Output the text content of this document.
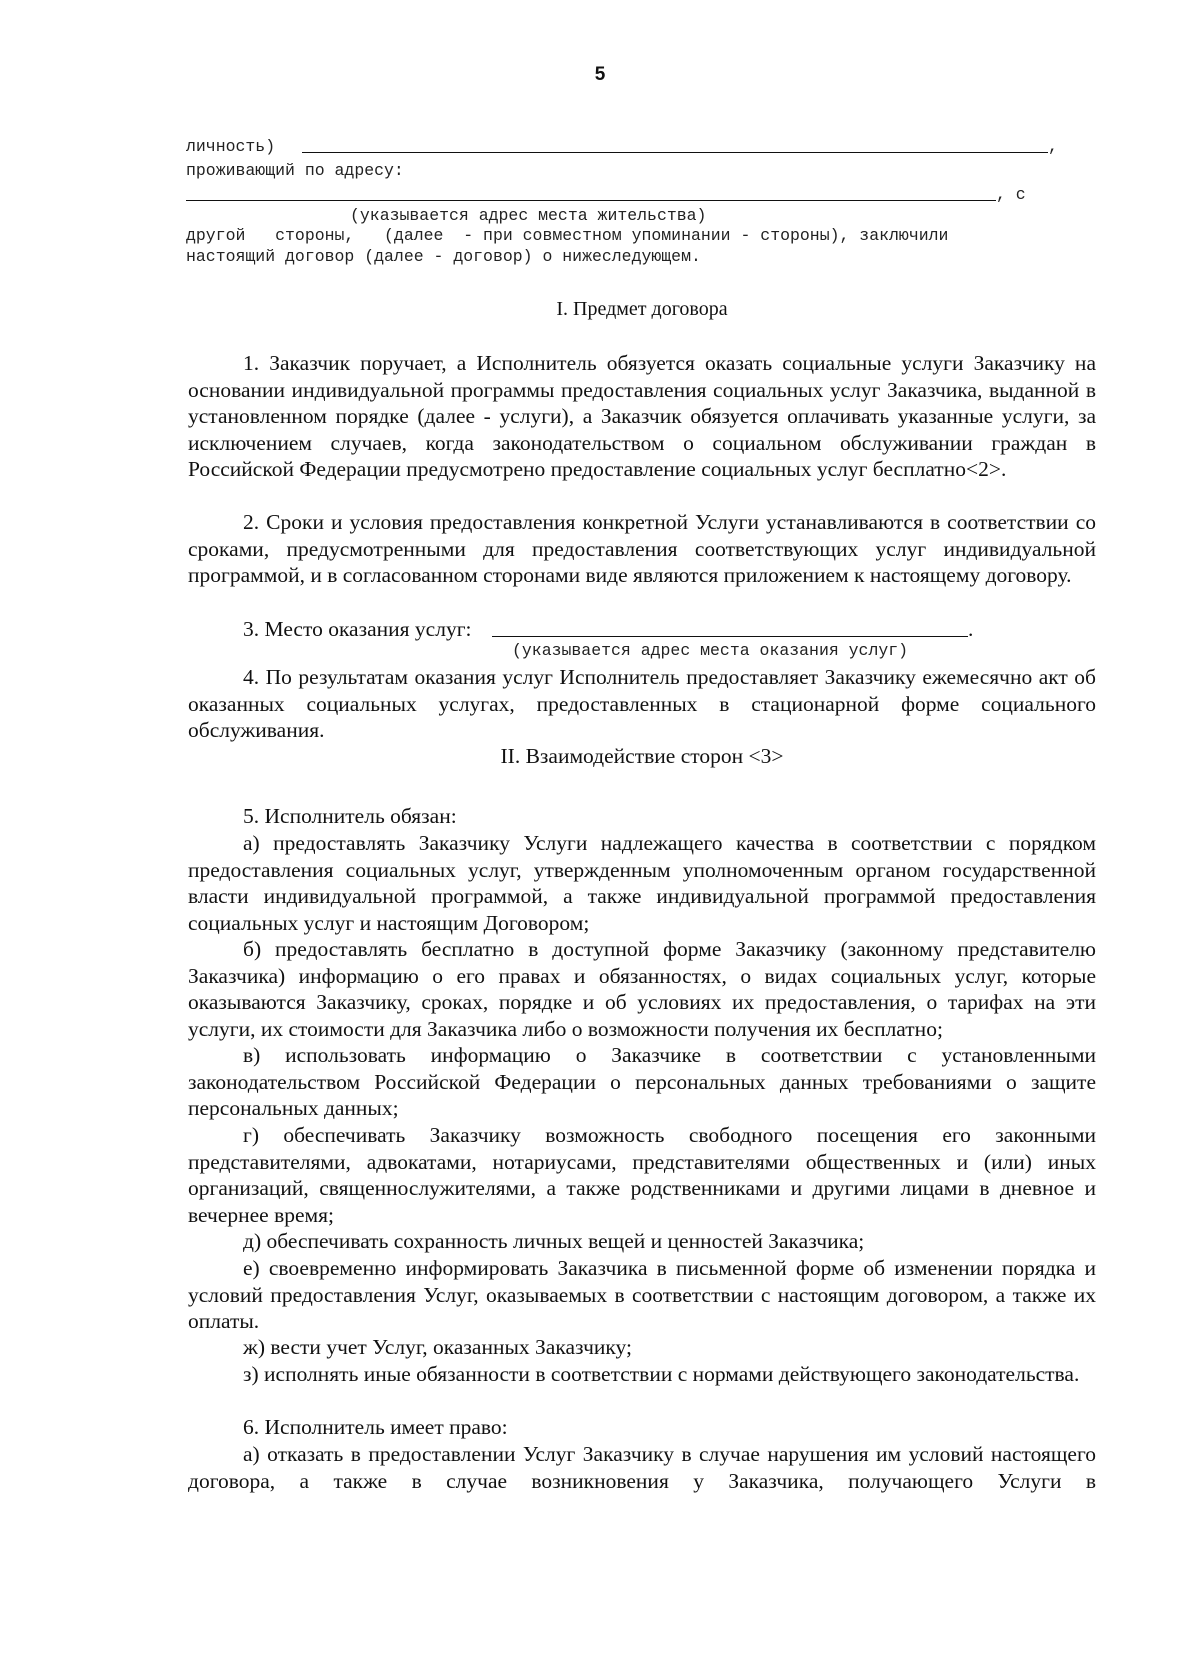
5
личность)	,
проживающий по адресу:
, с
(указывается адрес места жительства)
другой   стороны,   (далее  - при совместном упоминании - стороны), заключили
настоящий договор (далее - договор) о нижеследующем.
I. Предмет договора
1. Заказчик поручает, а Исполнитель обязуется оказать социальные услуги Заказчику на основании индивидуальной программы предоставления социальных услуг Заказчика, выданной в установленном порядке (далее - услуги), а Заказчик обязуется оплачивать указанные услуги, за исключением случаев, когда законодательством о социальном обслуживании граждан в Российской Федерации предусмотрено предоставление социальных услуг бесплатно<2>.
2. Сроки и условия предоставления конкретной Услуги устанавливаются в соответствии со сроками, предусмотренными для предоставления соответствующих услуг индивидуальной программой, и в согласованном сторонами виде являются приложением к настоящему договору.
3. Место оказания услуг:	.
(указывается адрес места оказания услуг)
4. По результатам оказания услуг Исполнитель предоставляет Заказчику ежемесячно акт об оказанных социальных услугах, предоставленных в стационарной форме социального обслуживания.
II. Взаимодействие сторон <3>
5. Исполнитель обязан:
а) предоставлять Заказчику Услуги надлежащего качества в соответствии с порядком предоставления социальных услуг, утвержденным уполномоченным органом государственной власти индивидуальной программой, а также индивидуальной программой предоставления социальных услуг и настоящим Договором;
б) предоставлять бесплатно в доступной форме Заказчику (законному представителю Заказчика) информацию о его правах и обязанностях, о видах социальных услуг, которые оказываются Заказчику, сроках, порядке и об условиях их предоставления, о тарифах на эти услуги, их стоимости для Заказчика либо о возможности получения их бесплатно;
в) использовать информацию о Заказчике в соответствии с установленными законодательством Российской Федерации о персональных данных требованиями о защите персональных данных;
г) обеспечивать Заказчику возможность свободного посещения его законными представителями, адвокатами, нотариусами, представителями общественных и (или) иных организаций, священнослужителями, а также родственниками и другими лицами в дневное и вечернее время;
д) обеспечивать сохранность личных вещей и ценностей Заказчика;
е) своевременно информировать Заказчика в письменной форме об изменении порядка и условий предоставления Услуг, оказываемых в соответствии с настоящим договором, а также их оплаты.
ж) вести учет Услуг, оказанных Заказчику;
з) исполнять иные обязанности в соответствии с нормами действующего законодательства.
6. Исполнитель имеет право:
а) отказать в предоставлении Услуг Заказчику в случае нарушения им условий настоящего договора, а также в случае возникновения у Заказчика, получающего Услуги в
